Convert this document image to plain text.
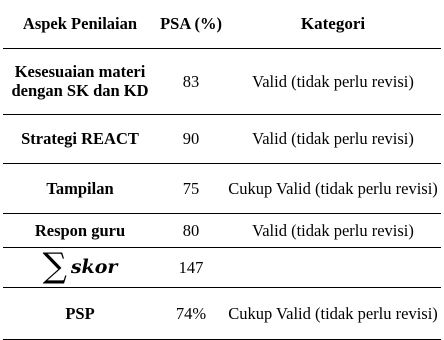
Aspek Penilaian	PSA (%)	Kategori
Kesesuaian materi dengan SK dan KD	83	Valid (tidak perlu revisi)
Strategi REACT	90	Valid (tidak perlu revisi)
Tampilan	75	Cukup Valid (tidak perlu revisi)
Respon guru	80	Valid (tidak perlu revisi)

∑ skor	147	
PSP	74%	Cukup Valid (tidak perlu revisi)
